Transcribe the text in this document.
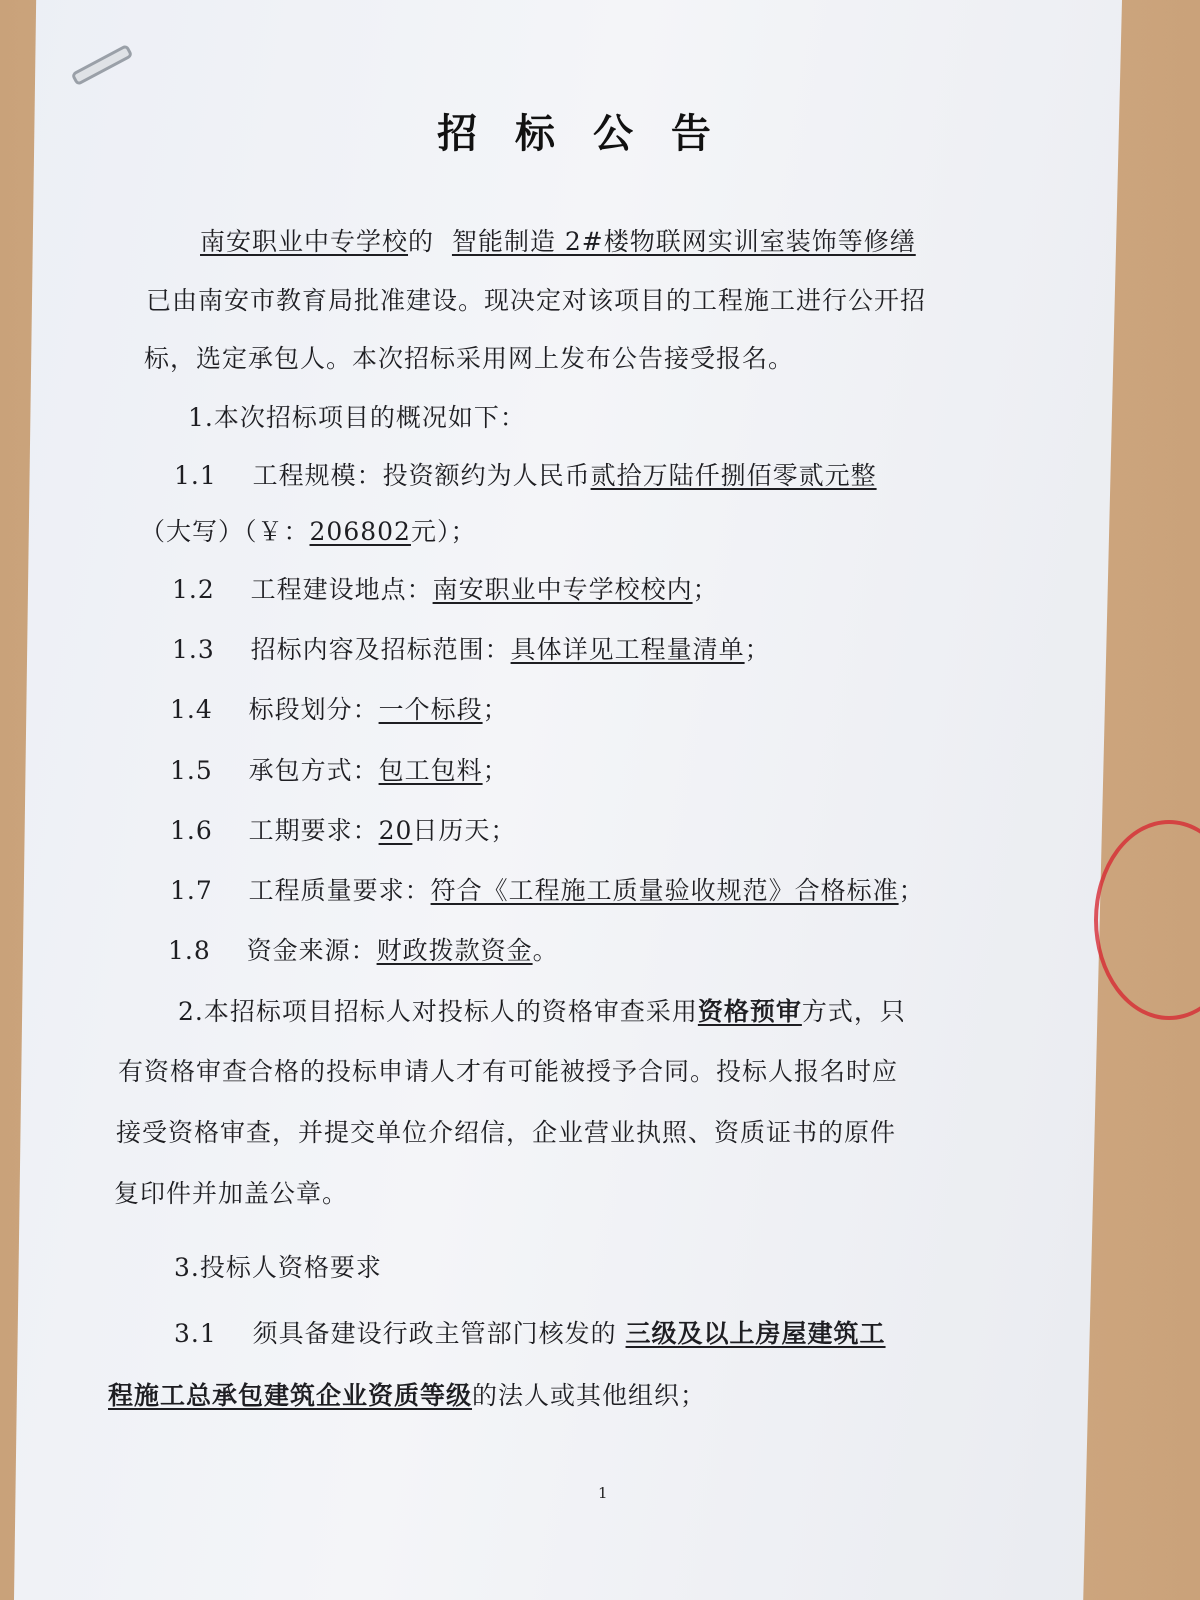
招 标 公 告
南安职业中专学校的 智能制造 2#楼物联网实训室装饰等修缮
已由南安市教育局批准建设。现决定对该项目的工程施工进行公开招
标，选定承包人。本次招标采用网上发布公告接受报名。
1.本次招标项目的概况如下：
1.1 工程规模：投资额约为人民币贰拾万陆仟捌佰零贰元整
（大写）（￥：206802元）；
1.2 工程建设地点：南安职业中专学校校内；
1.3 招标内容及招标范围：具体详见工程量清单；
1.4 标段划分：一个标段；
1.5 承包方式：包工包料；
1.6 工期要求：20日历天；
1.7 工程质量要求：符合《工程施工质量验收规范》合格标准；
1.8 资金来源：财政拨款资金。
2.本招标项目招标人对投标人的资格审查采用资格预审方式，只
有资格审查合格的投标申请人才有可能被授予合同。投标人报名时应
接受资格审查，并提交单位介绍信，企业营业执照、资质证书的原件
复印件并加盖公章。
3.投标人资格要求
3.1 须具备建设行政主管部门核发的 三级及以上房屋建筑工
程施工总承包建筑企业资质等级的法人或其他组织；
1
